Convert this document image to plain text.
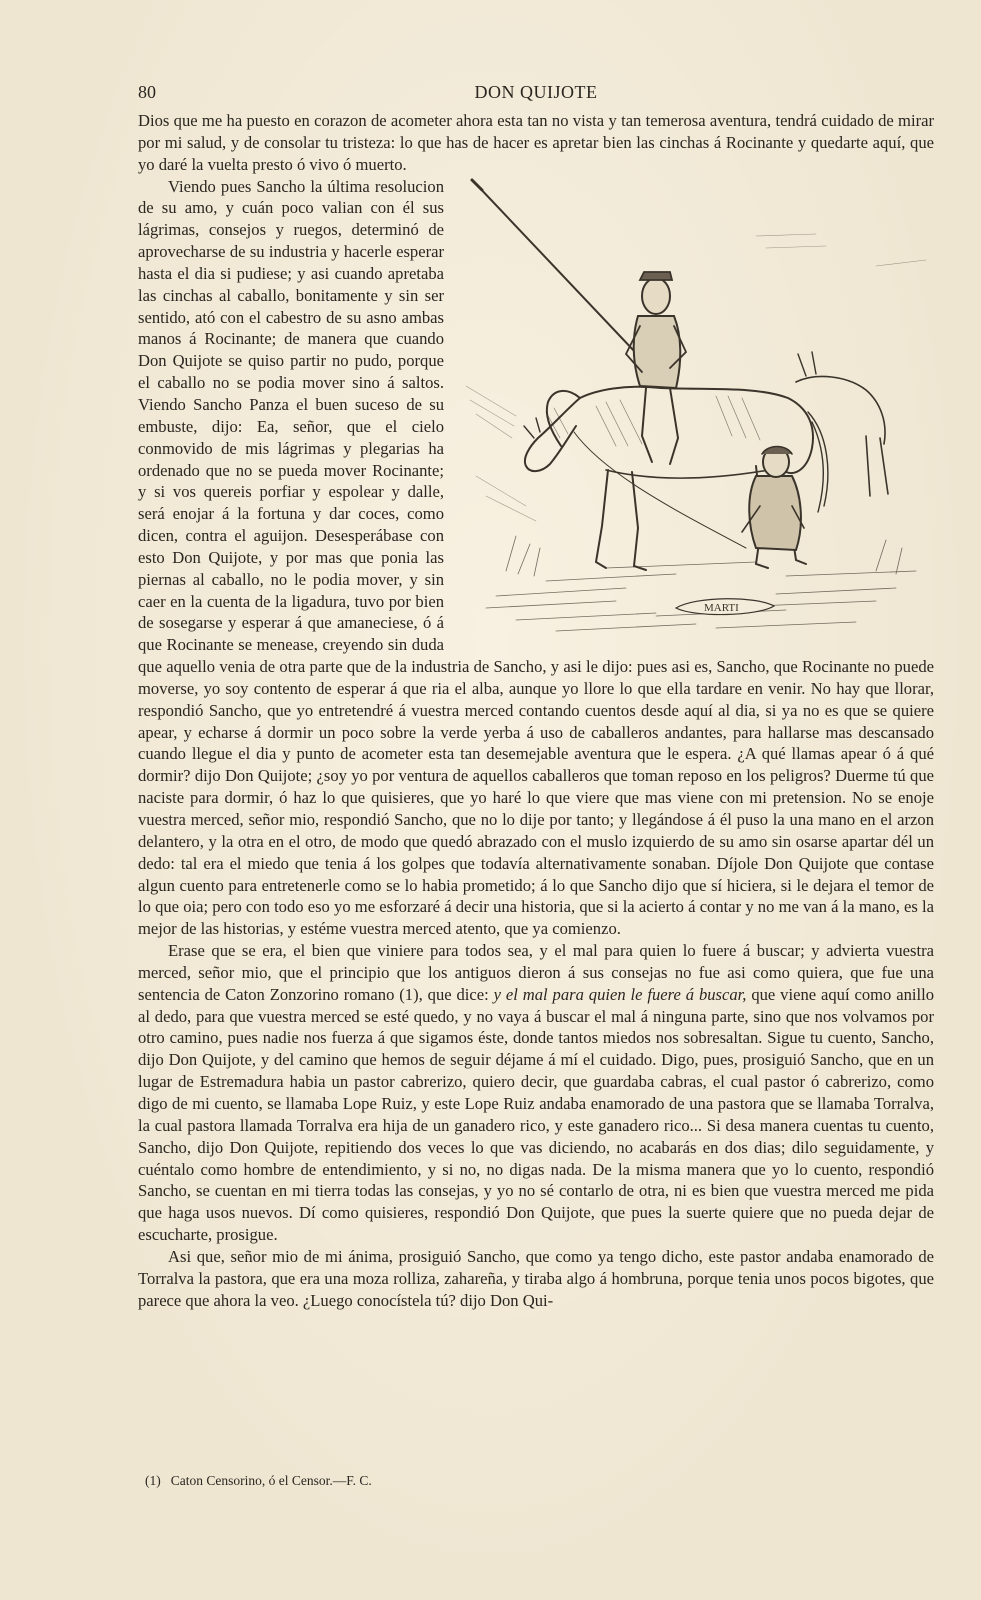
80	DON QUIJOTE

Dios que me ha puesto en corazon de acometer ahora esta tan no vista y tan temerosa aventura, tendrá cuidado de mirar por mi salud, y de consolar tu tristeza: lo que has de hacer es apretar bien las cinchas á Rocinante y quedarte aquí, que yo daré la vuelta presto ó vivo ó muerto.

MARTI
Viendo pues Sancho la última resolucion de su amo, y cuán poco valian con él sus lágrimas, consejos y ruegos, determinó de aprovecharse de su industria y hacerle esperar hasta el dia si pudiese; y asi cuando apretaba las cinchas al caballo, bonitamente y sin ser sentido, ató con el cabestro de su asno ambas manos á Rocinante; de manera que cuando Don Quijote se quiso partir no pudo, porque el caballo no se podia mover sino á saltos. Viendo Sancho Panza el buen suceso de su embuste, dijo: Ea, señor, que el cielo conmovido de mis lágrimas y plegarias ha ordenado que no se pueda mover Rocinante; y si vos quereis porfiar y espolear y dalle, será enojar á la fortuna y dar coces, como dicen, contra el aguijon. Desesperábase con esto Don Quijote, y por mas que ponia las piernas al caballo, no le podia mover, y sin caer en la cuenta de la ligadura, tuvo por bien de sosegarse y esperar á que amaneciese, ó á que Rocinante se menease, creyendo sin duda que aquello venia de otra parte que de la industria de Sancho, y asi le dijo: pues asi es, Sancho, que Rocinante no puede moverse, yo soy contento de esperar á que ria el alba, aunque yo llore lo que ella tardare en venir. No hay que llorar, respondió Sancho, que yo entretendré á vuestra merced contando cuentos desde aquí al dia, si ya no es que se quiere apear, y echarse á dormir un poco sobre la verde yerba á uso de caballeros andantes, para hallarse mas descansado cuando llegue el dia y punto de acometer esta tan desemejable aventura que le espera. ¿A qué llamas apear ó á qué dormir? dijo Don Quijote; ¿soy yo por ventura de aquellos caballeros que toman reposo en los peligros? Duerme tú que naciste para dormir, ó haz lo que quisieres, que yo haré lo que viere que mas viene con mi pretension. No se enoje vuestra merced, señor mio, respondió Sancho, que no lo dije por tanto; y llegándose á él puso la una mano en el arzon delantero, y la otra en el otro, de modo que quedó abrazado con el muslo izquierdo de su amo sin osarse apartar dél un dedo: tal era el miedo que tenia á los golpes que todavía alternativamente sonaban. Díjole Don Quijote que contase algun cuento para entretenerle como se lo habia prometido; á lo que Sancho dijo que sí hiciera, si le dejara el temor de lo que oia; pero con todo eso yo me esforzaré á decir una historia, que si la acierto á contar y no me van á la mano, es la mejor de las historias, y estéme vuestra merced atento, que ya comienzo.

Erase que se era, el bien que viniere para todos sea, y el mal para quien lo fuere á buscar; y advierta vuestra merced, señor mio, que el principio que los antiguos dieron á sus consejas no fue asi como quiera, que fue una sentencia de Caton Zonzorino romano (1), que dice: y el mal para quien le fuere á buscar, que viene aquí como anillo al dedo, para que vuestra merced se esté quedo, y no vaya á buscar el mal á ninguna parte, sino que nos volvamos por otro camino, pues nadie nos fuerza á que sigamos éste, donde tantos miedos nos sobresaltan. Sigue tu cuento, Sancho, dijo Don Quijote, y del camino que hemos de seguir déjame á mí el cuidado. Digo, pues, prosiguió Sancho, que en un lugar de Estremadura habia un pastor cabrerizo, quiero decir, que guardaba cabras, el cual pastor ó cabrerizo, como digo de mi cuento, se llamaba Lope Ruiz, y este Lope Ruiz andaba enamorado de una pastora que se llamaba Torralva, la cual pastora llamada Torralva era hija de un ganadero rico, y este ganadero rico... Si desa manera cuentas tu cuento, Sancho, dijo Don Quijote, repitiendo dos veces lo que vas diciendo, no acabarás en dos dias; dilo seguidamente, y cuéntalo como hombre de entendimiento, y si no, no digas nada. De la misma manera que yo lo cuento, respondió Sancho, se cuentan en mi tierra todas las consejas, y yo no sé contarlo de otra, ni es bien que vuestra merced me pida que haga usos nuevos. Dí como quisieres, respondió Don Quijote, que pues la suerte quiere que no pueda dejar de escucharte, prosigue.

Asi que, señor mio de mi ánima, prosiguió Sancho, que como ya tengo dicho, este pastor andaba enamorado de Torralva la pastora, que era una moza rolliza, zahareña, y tiraba algo á hombruna, porque tenia unos pocos bigotes, que parece que ahora la veo. ¿Luego conocístela tú? dijo Don Qui-

(1) Caton Censorino, ó el Censor.—F. C.
